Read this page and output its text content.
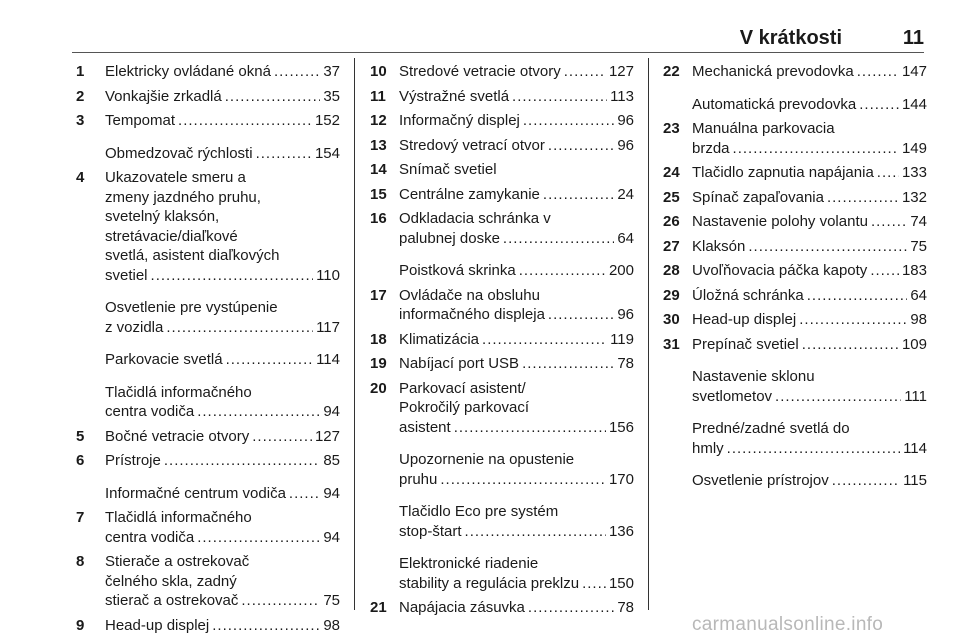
V krátkosti	11
1 Elektricky ovládané okná .....	37
2 Vonkajšie zrkadlá .....	35
3 Tempomat .....	152
Obmedzovač rýchlosti .....	154
4 Ukazovatele smeru a
zmeny jazdného pruhu,
svetelný klaksón,
stretávacie/diaľkové
svetlá, asistent diaľkových
svetiel .....	110
Osvetlenie pre vystúpenie
z vozidla .....	117
Parkovacie svetlá .....	114
Tlačidlá informačného
centra vodiča .....	94
5 Bočné vetracie otvory .....	127
6 Prístroje .....	85
Informačné centrum vodiča ..... 94
7 Tlačidlá informačného
centra vodiča .....	94
8 Stierače a ostrekovač
čelného skla, zadný
stierač a ostrekovač .....	75
9 Head-up displej .....	98
10 Stredové vetracie otvory .....	127
11 Výstražné svetlá .....	113
12 Informačný displej .....	96
13 Stredový vetrací otvor .....	96
14 Snímač svetiel
15 Centrálne zamykanie .....	24
16 Odkladacia schránka v
palubnej doske .....	64
Poistková skrinka .....	200
17 Ovládače na obsluhu
informačného displeja .....	96
18 Klimatizácia .....	119
19 Nabíjací port USB .....	78
20 Parkovací asistent/
Pokročilý parkovací
asistent .....	156
Upozornenie na opustenie
pruhu .....	170
Tlačidlo Eco pre systém
stop-štart .....	136
Elektronické riadenie
stability a regulácia preklzu ..... 150
21 Napájacia zásuvka .....	78
22 Mechanická prevodovka .....	147
Automatická prevodovka .....	144
23 Manuálna parkovacia
brzda .....	149
24 Tlačidlo zapnutia napájania ..... 133
25 Spínač zapaľovania .....	132
26 Nastavenie polohy volantu .....	74
27 Klaksón .....	75
28 Uvoľňovacia páčka kapoty ..... 183
29 Úložná schránka .....	64
30 Head-up displej .....	98
31 Prepínač svetiel .....	109
Nastavenie sklonu
svetlometov .....	111
Predné/zadné svetlá do
hmly .....	114
Osvetlenie prístrojov .....	115
carmanualsonline.info
